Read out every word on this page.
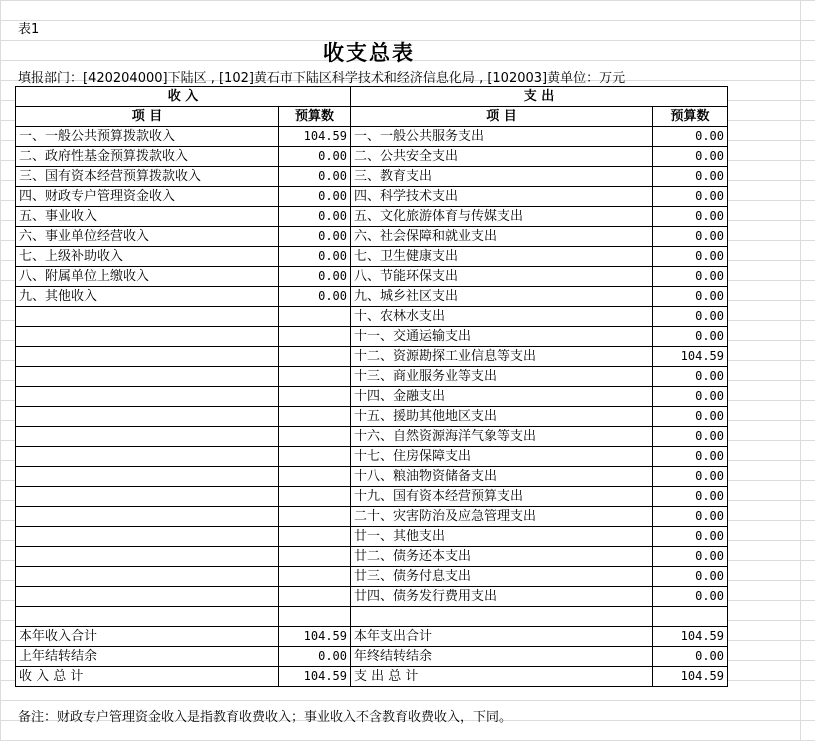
表1
收支总表
填报部门：[420204000]下陆区 , [102]黄石市下陆区科学技术和经济信息化局 , [102003]黄单位：万元
收 入		支 出	
项 目	预算数	项 目	预算数
一、一般公共预算拨款收入	104.59	一、一般公共服务支出	0.00
二、政府性基金预算拨款收入	0.00	二、公共安全支出	0.00
三、国有资本经营预算拨款收入	0.00	三、教育支出	0.00
四、财政专户管理资金收入	0.00	四、科学技术支出	0.00
五、事业收入	0.00	五、文化旅游体育与传媒支出	0.00
六、事业单位经营收入	0.00	六、社会保障和就业支出	0.00
七、上级补助收入	0.00	七、卫生健康支出	0.00
八、附属单位上缴收入	0.00	八、节能环保支出	0.00
九、其他收入	0.00	九、城乡社区支出	0.00
		十、农林水支出	0.00
		十一、交通运输支出	0.00
		十二、资源勘探工业信息等支出	104.59
		十三、商业服务业等支出	0.00
		十四、金融支出	0.00
		十五、援助其他地区支出	0.00
		十六、自然资源海洋气象等支出	0.00
		十七、住房保障支出	0.00
		十八、粮油物资储备支出	0.00
		十九、国有资本经营预算支出	0.00
		二十、灾害防治及应急管理支出	0.00
		廿一、其他支出	0.00
		廿二、债务还本支出	0.00
		廿三、债务付息支出	0.00
		廿四、债务发行费用支出	0.00

本年收入合计	104.59	本年支出合计	104.59
上年结转结余	0.00	年终结转结余	0.00
收 入 总 计	104.59	支 出 总 计	104.59
备注：财政专户管理资金收入是指教育收费收入；事业收入不含教育收费收入，下同。
